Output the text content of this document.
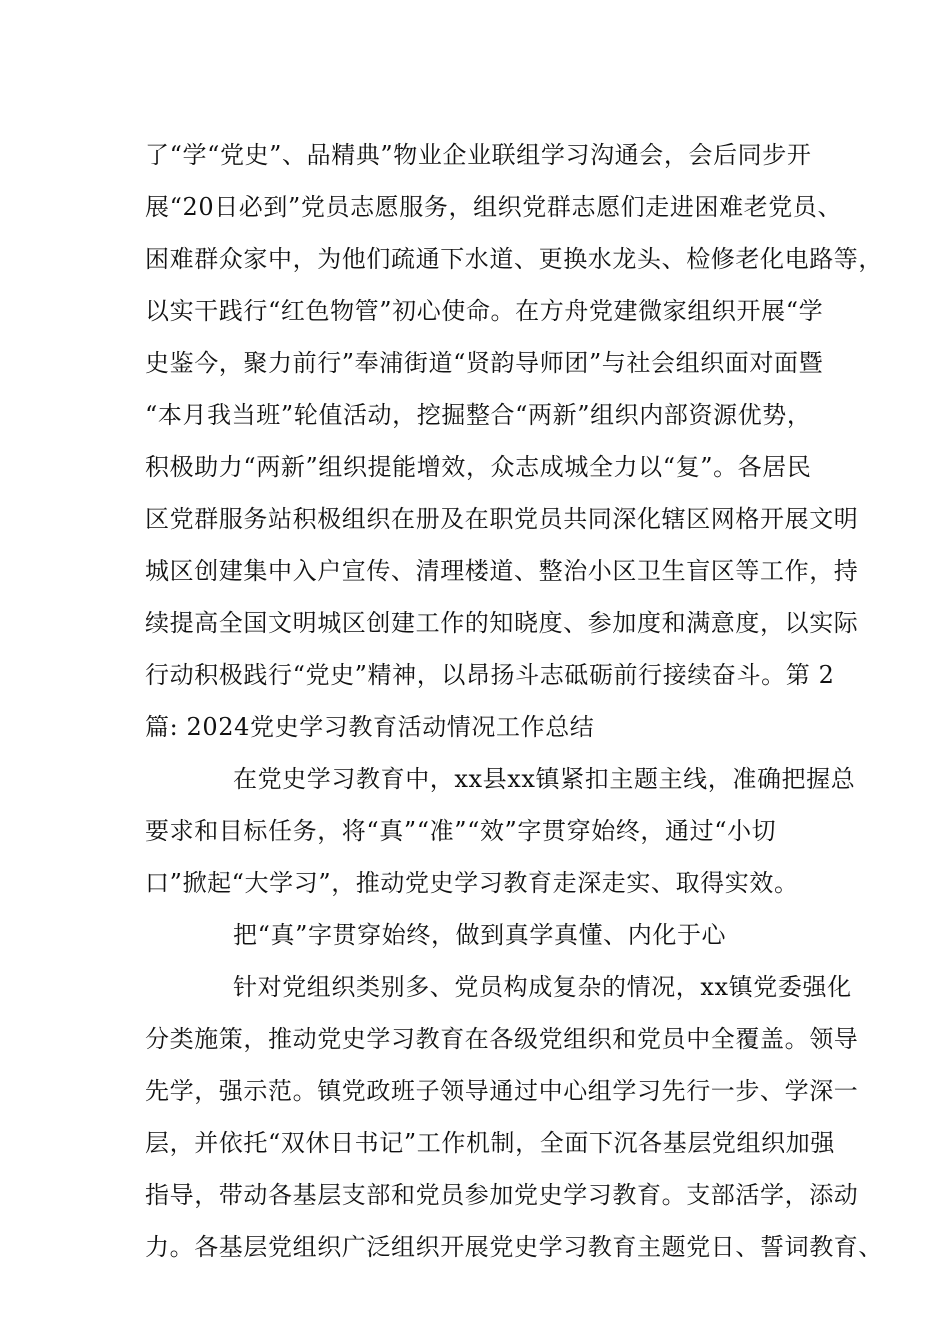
了“学“党史”、品精典”物业企业联组学习沟通会，会后同步开
展“20日必到”党员志愿服务，组织党群志愿们走进困难老党员、
困难群众家中，为他们疏通下水道、更换水龙头、检修老化电路等，
以实干践行“红色物管”初心使命。在方舟党建微家组织开展“学
史鉴今，聚力前行”奉浦街道“贤韵导师团”与社会组织面对面暨
“本月我当班”轮值活动，挖掘整合“两新”组织内部资源优势，
积极助力“两新”组织提能增效，众志成城全力以“复”。各居民
区党群服务站积极组织在册及在职党员共同深化辖区网格开展文明
城区创建集中入户宣传、清理楼道、整治小区卫生盲区等工作，持
续提高全国文明城区创建工作的知晓度、参加度和满意度，以实际
行动积极践行“党史”精神，以昂扬斗志砥砺前行接续奋斗。第 2
篇: 2024党史学习教育活动情况工作总结
在党史学习教育中，xx县xx镇紧扣主题主线，准确把握总
要求和目标任务，将“真”“准”“效”字贯穿始终，通过“小切
口”掀起“大学习”，推动党史学习教育走深走实、取得实效。
把“真”字贯穿始终，做到真学真懂、内化于心
针对党组织类别多、党员构成复杂的情况，xx镇党委强化
分类施策，推动党史学习教育在各级党组织和党员中全覆盖。领导
先学，强示范。镇党政班子领导通过中心组学习先行一步、学深一
层，并依托“双休日书记”工作机制，全面下沉各基层党组织加强
指导，带动各基层支部和党员参加党史学习教育。支部活学，添动
力。各基层党组织广泛组织开展党史学习教育主题党日、誓词教育、
